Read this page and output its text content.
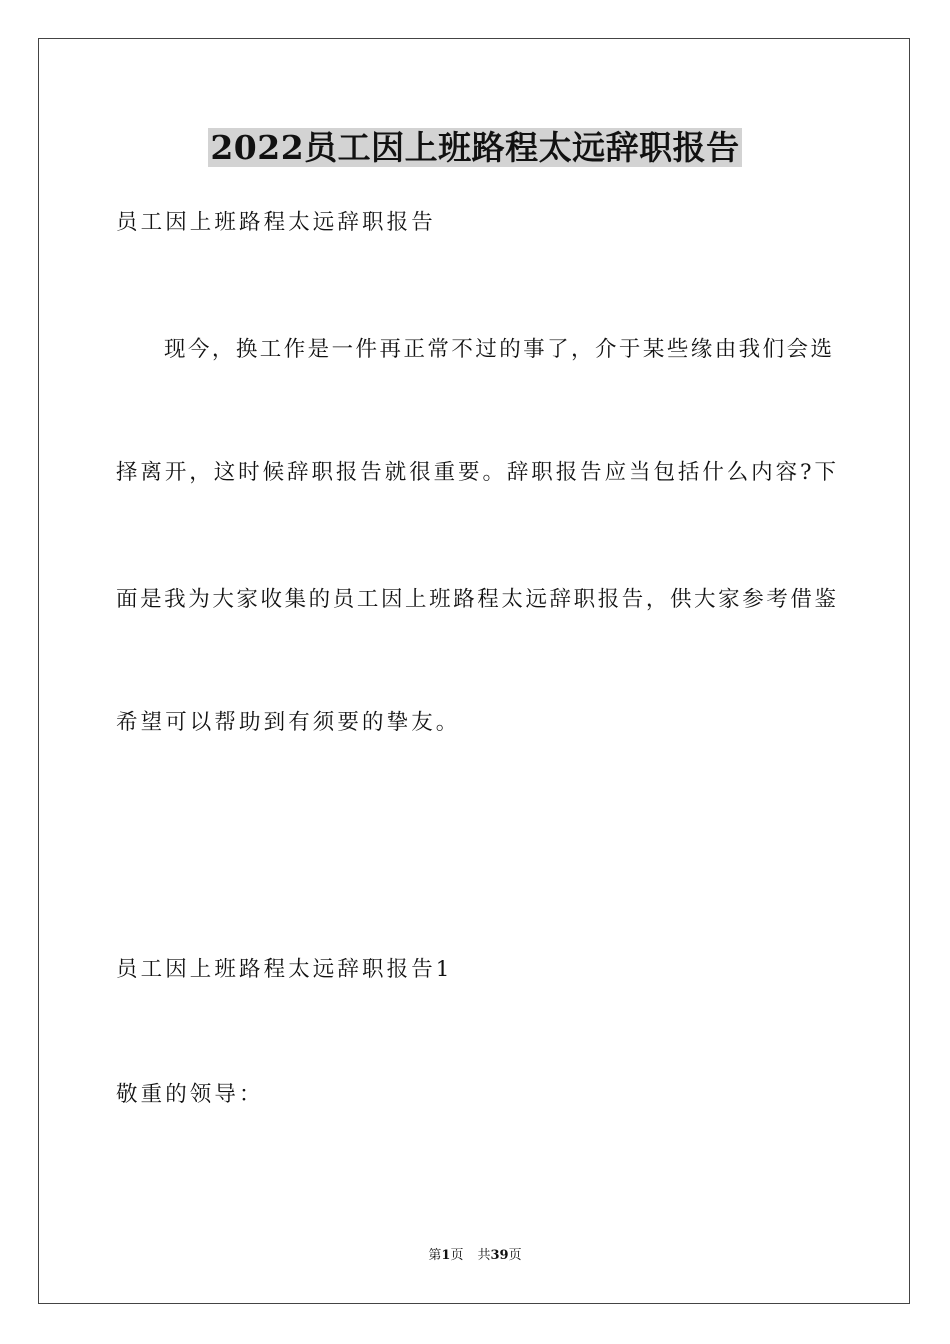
2022员工因上班路程太远辞职报告
员工因上班路程太远辞职报告
现今，换工作是一件再正常不过的事了，介于某些缘由我们会选
择离开，这时候辞职报告就很重要。辞职报告应当包括什么内容?下
面是我为大家收集的员工因上班路程太远辞职报告，供大家参考借鉴
希望可以帮助到有须要的挚友。
员工因上班路程太远辞职报告1
敬重的领导：
第1页 共39页
